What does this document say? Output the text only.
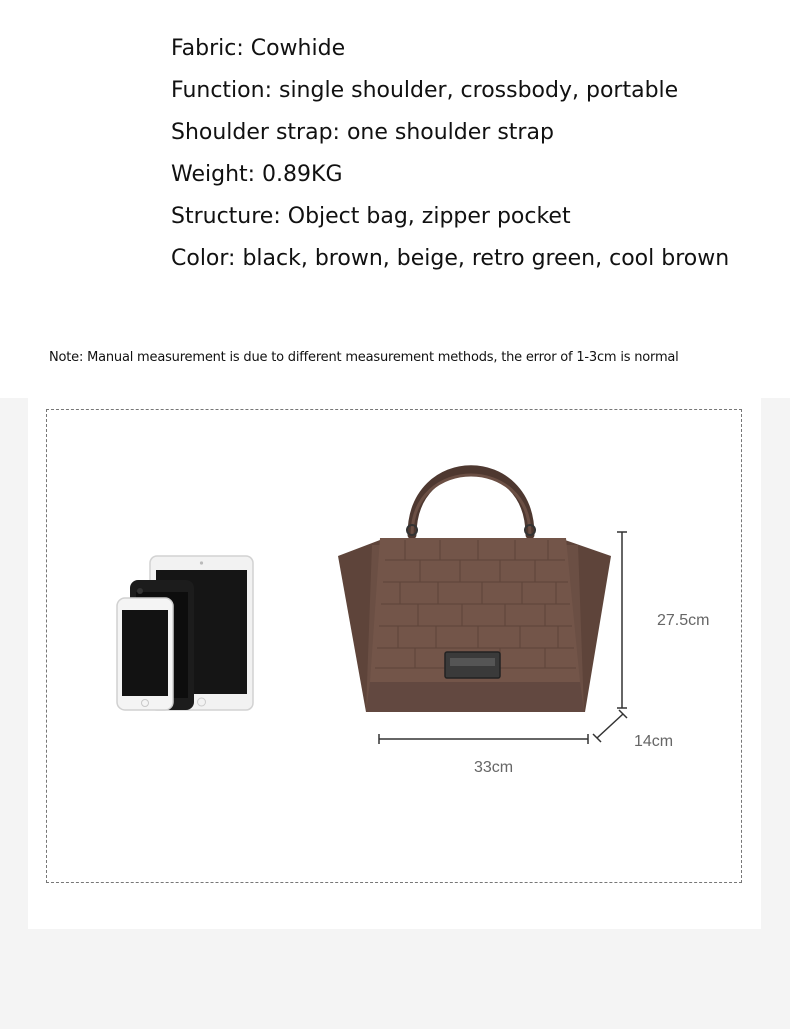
Fabric: Cowhide
Function: single shoulder, crossbody, portable
Shoulder strap: one shoulder strap
Weight: 0.89KG
Structure: Object bag, zipper pocket
Color: black, brown, beige, retro green, cool brown
Note: Manual measurement is due to different measurement methods, the error of 1-3cm is normal
27.5cm
14cm
33cm
